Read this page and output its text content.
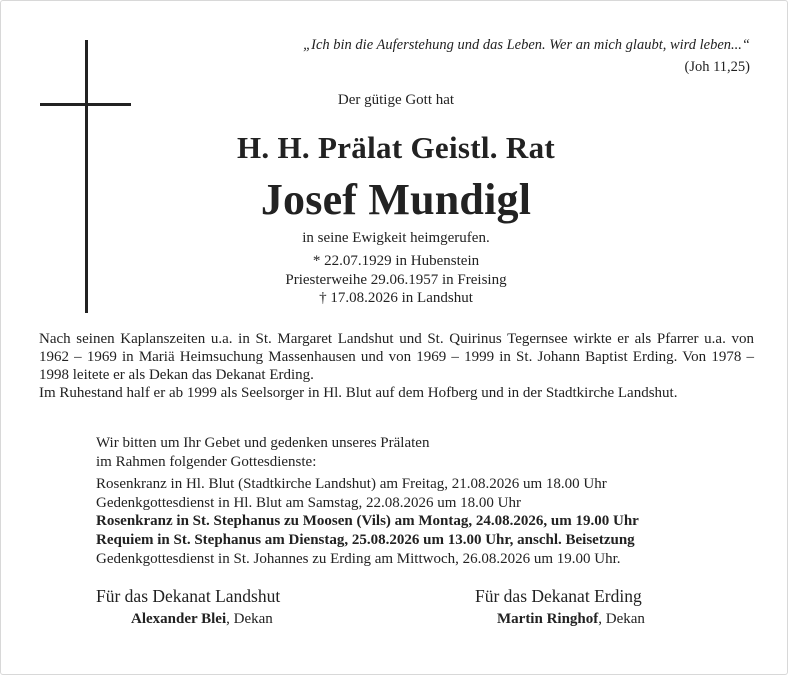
„Ich bin die Auferstehung und das Leben. Wer an mich glaubt, wird leben...“
(Joh 11,25)
Der gütige Gott hat
H. H. Prälat Geistl. Rat
Josef Mundigl
in seine Ewigkeit heimgerufen.
* 22.07.1929 in Hubenstein
Priesterweihe 29.06.1957 in Freising
† 17.08.2026 in Landshut

Nach seinen Kaplanszeiten u.a. in St. Margaret Landshut und St. Quirinus Tegernsee wirkte er als Pfarrer u.a. von 1962 – 1969 in Mariä Heimsuchung Massenhausen und von 1969 – 1999 in St. Johann Baptist Erding. Von 1978 – 1998 leitete er als Dekan das Dekanat Erding.

Im Ruhestand half er ab 1999 als Seelsorger in Hl. Blut auf dem Hofberg und in der Stadtkirche Landshut.

Wir bitten um Ihr Gebet und gedenken unseres Prälaten
im Rahmen folgender Gottesdienste:
Rosenkranz in Hl. Blut (Stadtkirche Landshut) am Freitag, 21.08.2026 um 18.00 Uhr
Gedenkgottesdienst in Hl. Blut am Samstag, 22.08.2026 um 18.00 Uhr
Rosenkranz in St. Stephanus zu Moosen (Vils) am Montag, 24.08.2026, um 19.00 Uhr
Requiem in St. Stephanus am Dienstag, 25.08.2026 um 13.00 Uhr, anschl. Beisetzung
Gedenkgottesdienst in St. Johannes zu Erding am Mittwoch, 26.08.2026 um 19.00 Uhr.
Für das Dekanat Landshut
Alexander Blei, Dekan
Für das Dekanat Erding
Martin Ringhof, Dekan
